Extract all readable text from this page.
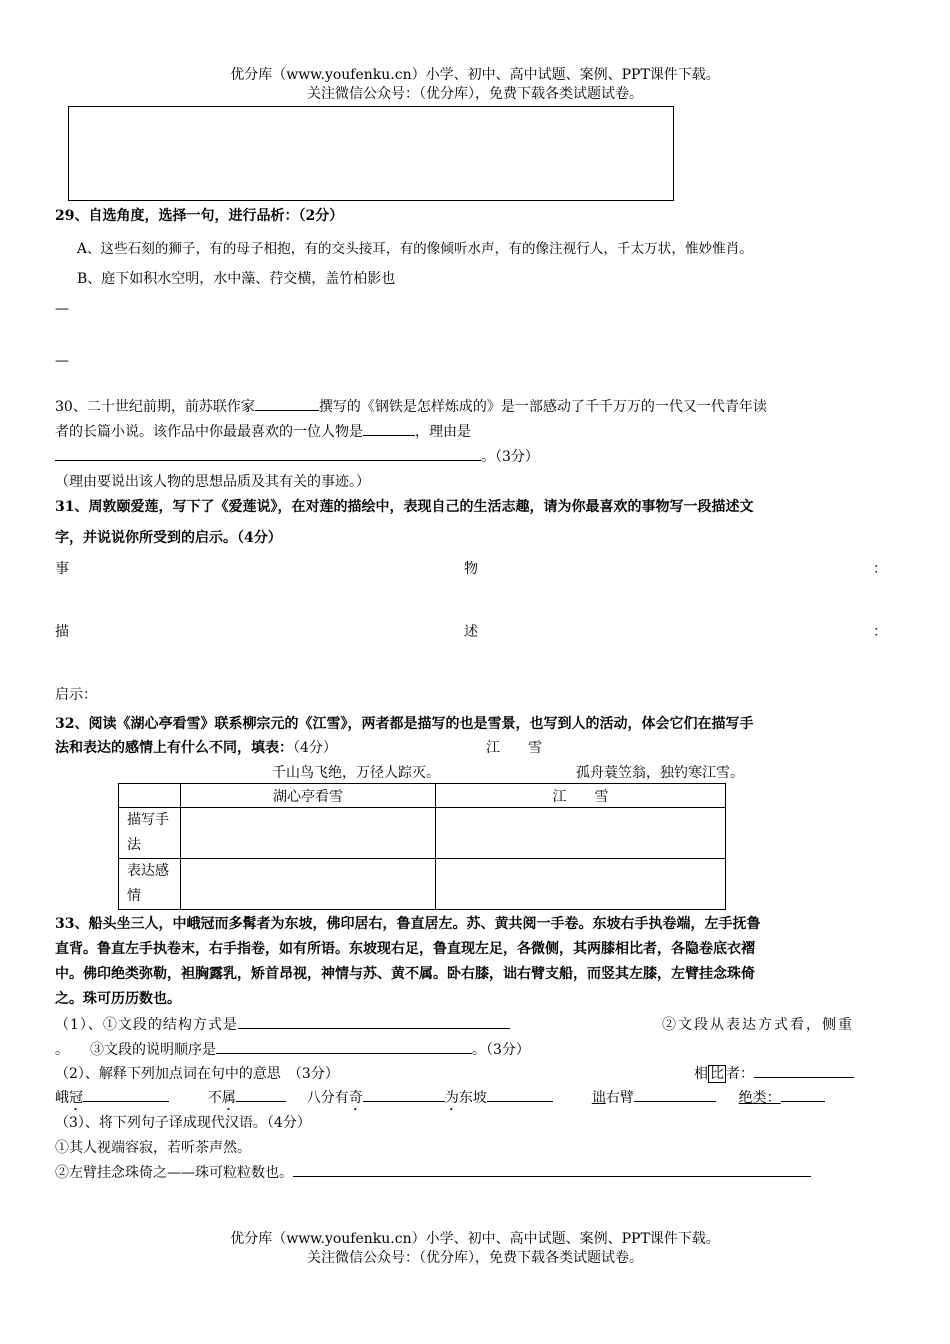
优分库（www.youfenku.cn）小学、初中、高中试题、案例、PPT课件下载。
关注微信公众号：（优分库），免费下载各类试题试卷。
29、自选角度，选择一句，进行品析：（2分）
A、这些石刻的狮子，有的母子相抱，有的交头接耳，有的像倾听水声，有的像注视行人，千太万状，惟妙惟肖。
B、庭下如积水空明，水中藻、荇交横，盖竹柏影也
—
—
30、二十世纪前期，前苏联作家	撰写的《钢铁是怎样炼成的》是一部感动了千千万万的一代又一代青年读
者的长篇小说。该作品中你最最喜欢的一位人物是	，理由是
。（3分）
（理由要说出该人物的思想品质及其有关的事迹。）
31、周敦颐爱莲，写下了《爱莲说》，在对莲的描绘中，表现自己的生活志趣，请为你最喜欢的事物写一段描述文
字，并说说你所受到的启示。（4分）
事	物	：
描	述	：
启示：
32、阅读《湖心亭看雪》联系柳宗元的《江雪》，两者都是描写的也是雪景，也写到人的活动，体会它们在描写手
法和表达的感情上有什么不同，填表：（4分）	江　　雪
千山鸟飞绝，万径人踪灭。	孤舟蓑笠翁，独钓寒江雪。
	湖心亭看雪	江　　雪
描写手法		
表达感情		
33、船头坐三人，中峨冠而多髯者为东坡，佛印居右，鲁直居左。苏、黄共阅一手卷。东坡右手执卷端，左手抚鲁
直背。鲁直左手执卷末，右手指卷，如有所语。东坡现右足，鲁直现左足，各微侧，其两膝相比者，各隐卷底衣褶
中。佛印绝类弥勒，袒胸露乳，矫首昂视，神情与苏、黄不属。卧右膝，诎右臂支船，而竖其左膝，左臂挂念珠倚
之。珠可历历数也。
（1）、①文段的结构方式是	②文段从表达方式看，侧重
。　　③文段的说明顺序是	。（3分）
（2）、解释下列加点词在句中的意思　（3分）	相 比 者：
峨冠	不属	八分有奇	为东坡	诎右臂	绝类：
（3）、将下列句子译成现代汉语。（4分）
①其人视端容寂，若听茶声然。
②左臂挂念珠倚之——珠可粒粒数也。
优分库（www.youfenku.cn）小学、初中、高中试题、案例、PPT课件下载。
关注微信公众号：（优分库），免费下载各类试题试卷。
